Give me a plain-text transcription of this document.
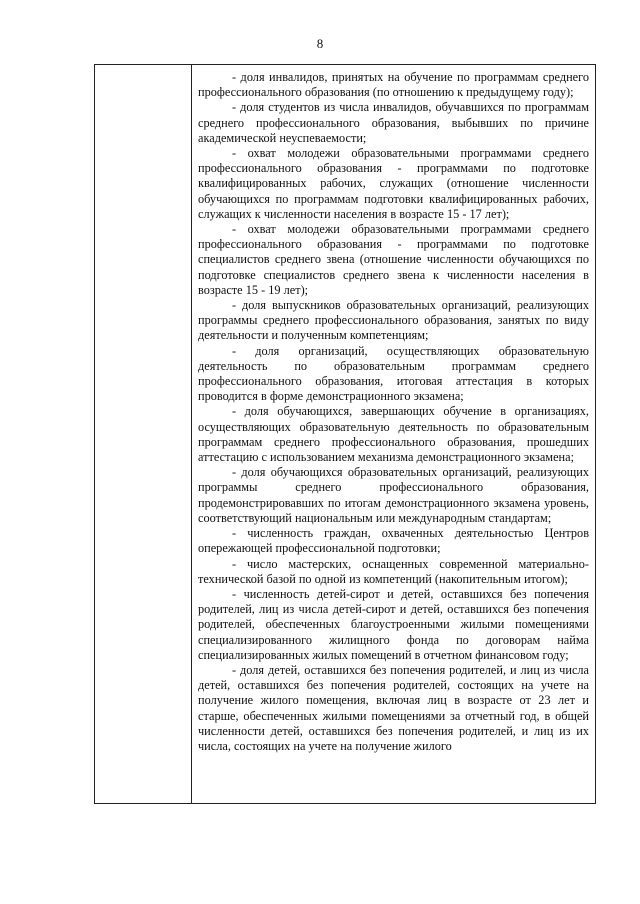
8

- доля инвалидов, принятых на обучение по программам среднего профессионального образования (по отношению к предыдущему году);

- доля студентов из числа инвалидов, обучавшихся по программам среднего профессионального образования, выбывших по причине академической неуспеваемости;

- охват молодежи образовательными программами среднего профессионального образования - программами по подготовке квалифицированных рабочих, служащих (отношение численности обучающихся по программам подготовки квалифицированных рабочих, служащих к численности населения в возрасте 15 - 17 лет);

- охват молодежи образовательными программами среднего профессионального образования - программами по подготовке специалистов среднего звена (отношение численности обучающихся по подготовке специалистов среднего звена к численности населения в возрасте 15 - 19 лет);

- доля выпускников образовательных организаций, реализующих программы среднего профессионального образования, занятых по виду деятельности и полученным компетенциям;

- доля организаций, осуществляющих образовательную деятельность по образовательным программам среднего профессионального образования, итоговая аттестация в которых проводится в форме демонстрационного экзамена;

- доля обучающихся, завершающих обучение в организациях, осуществляющих образовательную деятельность по образовательным программам среднего профессионального образования, прошедших аттестацию с использованием механизма демонстрационного экзамена;

- доля обучающихся образовательных организаций, реализующих программы среднего профессионального образования, продемонстрировавших по итогам демонстрационного экзамена уровень, соответствующий национальным или международным стандартам;

- численность граждан, охваченных деятельностью Центров опережающей профессиональной подготовки;

- число мастерских, оснащенных современной материально-технической базой по одной из компетенций (накопительным итогом);

- численность детей-сирот и детей, оставшихся без попечения родителей, лиц из числа детей-сирот и детей, оставшихся без попечения родителей, обеспеченных благоустроенными жилыми помещениями специализированного жилищного фонда по договорам найма специализированных жилых помещений в отчетном финансовом году;

- доля детей, оставшихся без попечения родителей, и лиц из числа детей, оставшихся без попечения родителей, состоящих на учете на получение жилого помещения, включая лиц в возрасте от 23 лет и старше, обеспеченных жилыми помещениями за отчетный год, в общей численности детей, оставшихся без попечения родителей, и лиц из их числа, состоящих на учете на получение жилого
